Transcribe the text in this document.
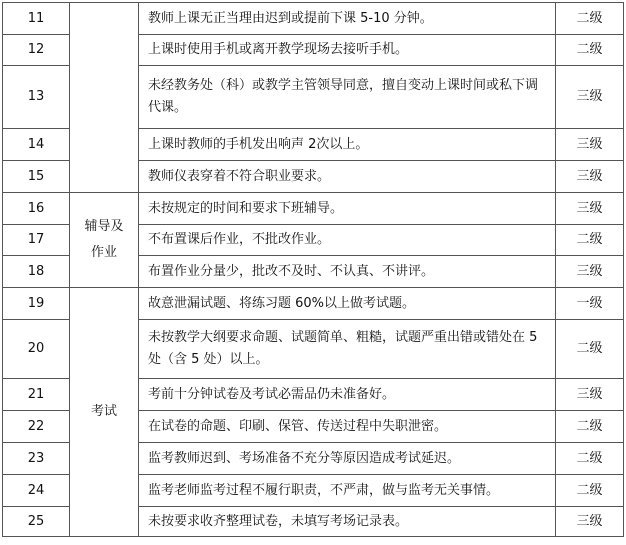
11		教师上课无正当理由迟到或提前下课 5-10 分钟。	二级
12		上课时使用手机或离开教学现场去接听手机。	二级
13		未经教务处（科）或教学主管领导同意，擅自变动上课时间或私下调代课。	三级
14		上课时教师的手机发出响声 2次以上。	三级
15		教师仪表穿着不符合职业要求。	三级
16	辅导及作业	未按规定的时间和要求下班辅导。	三级
17		不布置课后作业，不批改作业。	二级
18		布置作业分量少，批改不及时、不认真、不讲评。	三级
19	考试	故意泄漏试题、将练习题 60%以上做考试题。	一级
20		未按教学大纲要求命题、试题简单、粗糙，试题严重出错或错处在 5 处（含 5 处）以上。	二级
21		考前十分钟试卷及考试必需品仍未准备好。	三级
22		在试卷的命题、印刷、保管、传送过程中失职泄密。	二级
23		监考教师迟到、考场准备不充分等原因造成考试延迟。	二级
24		监考老师监考过程不履行职责，不严肃，做与监考无关事情。	二级
25		未按要求收齐整理试卷，未填写考场记录表。	三级
